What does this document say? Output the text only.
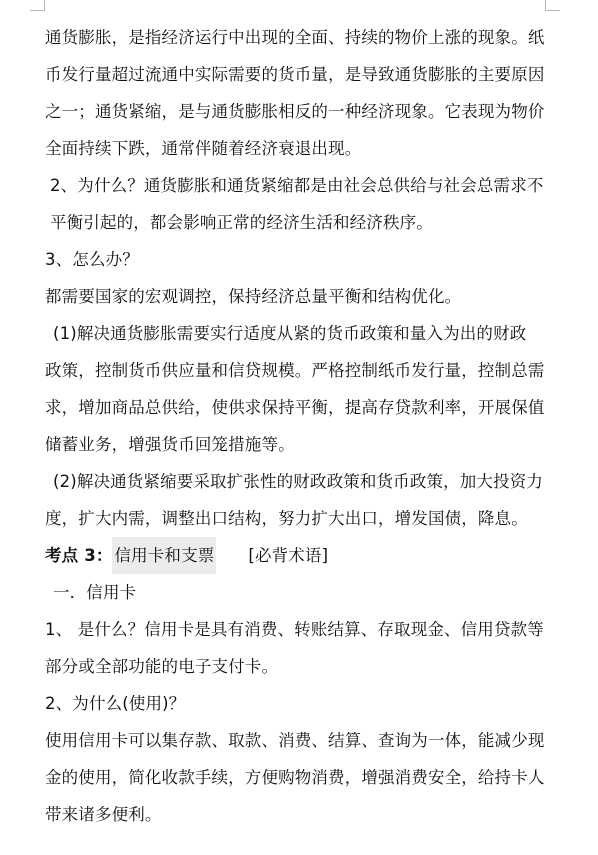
通货膨胀，是指经济运行中出现的全面、持续的物价上涨的现象。纸
币发行量超过流通中实际需要的货币量，是导致通货膨胀的主要原因
之一；通货紧缩，是与通货膨胀相反的一种经济现象。它表现为物价
全面持续下跌，通常伴随着经济衰退出现。
2、为什么？通货膨胀和通货紧缩都是由社会总供给与社会总需求不
平衡引起的，都会影响正常的经济生活和经济秩序。
3、怎么办？
都需要国家的宏观调控，保持经济总量平衡和结构优化。
(1)解决通货膨胀需要实行适度从紧的货币政策和量入为出的财政
政策，控制货币供应量和信贷规模。严格控制纸币发行量，控制总需
求，增加商品总供给，使供求保持平衡，提高存贷款利率，开展保值
储蓄业务，增强货币回笼措施等。
(2)解决通货紧缩要采取扩张性的财政政策和货币政策，加大投资力
度，扩大内需，调整出口结构，努力扩大出口，增发国债，降息。
考点 3： 信用卡和支票 [必背术语]
一．信用卡
1、 是什么？信用卡是具有消费、转账结算、存取现金、信用贷款等
部分或全部功能的电子支付卡。
2、为什么(使用)？
使用信用卡可以集存款、取款、消费、结算、查询为一体，能减少现
金的使用，简化收款手续，方便购物消费，增强消费安全，给持卡人
带来诸多便利。
